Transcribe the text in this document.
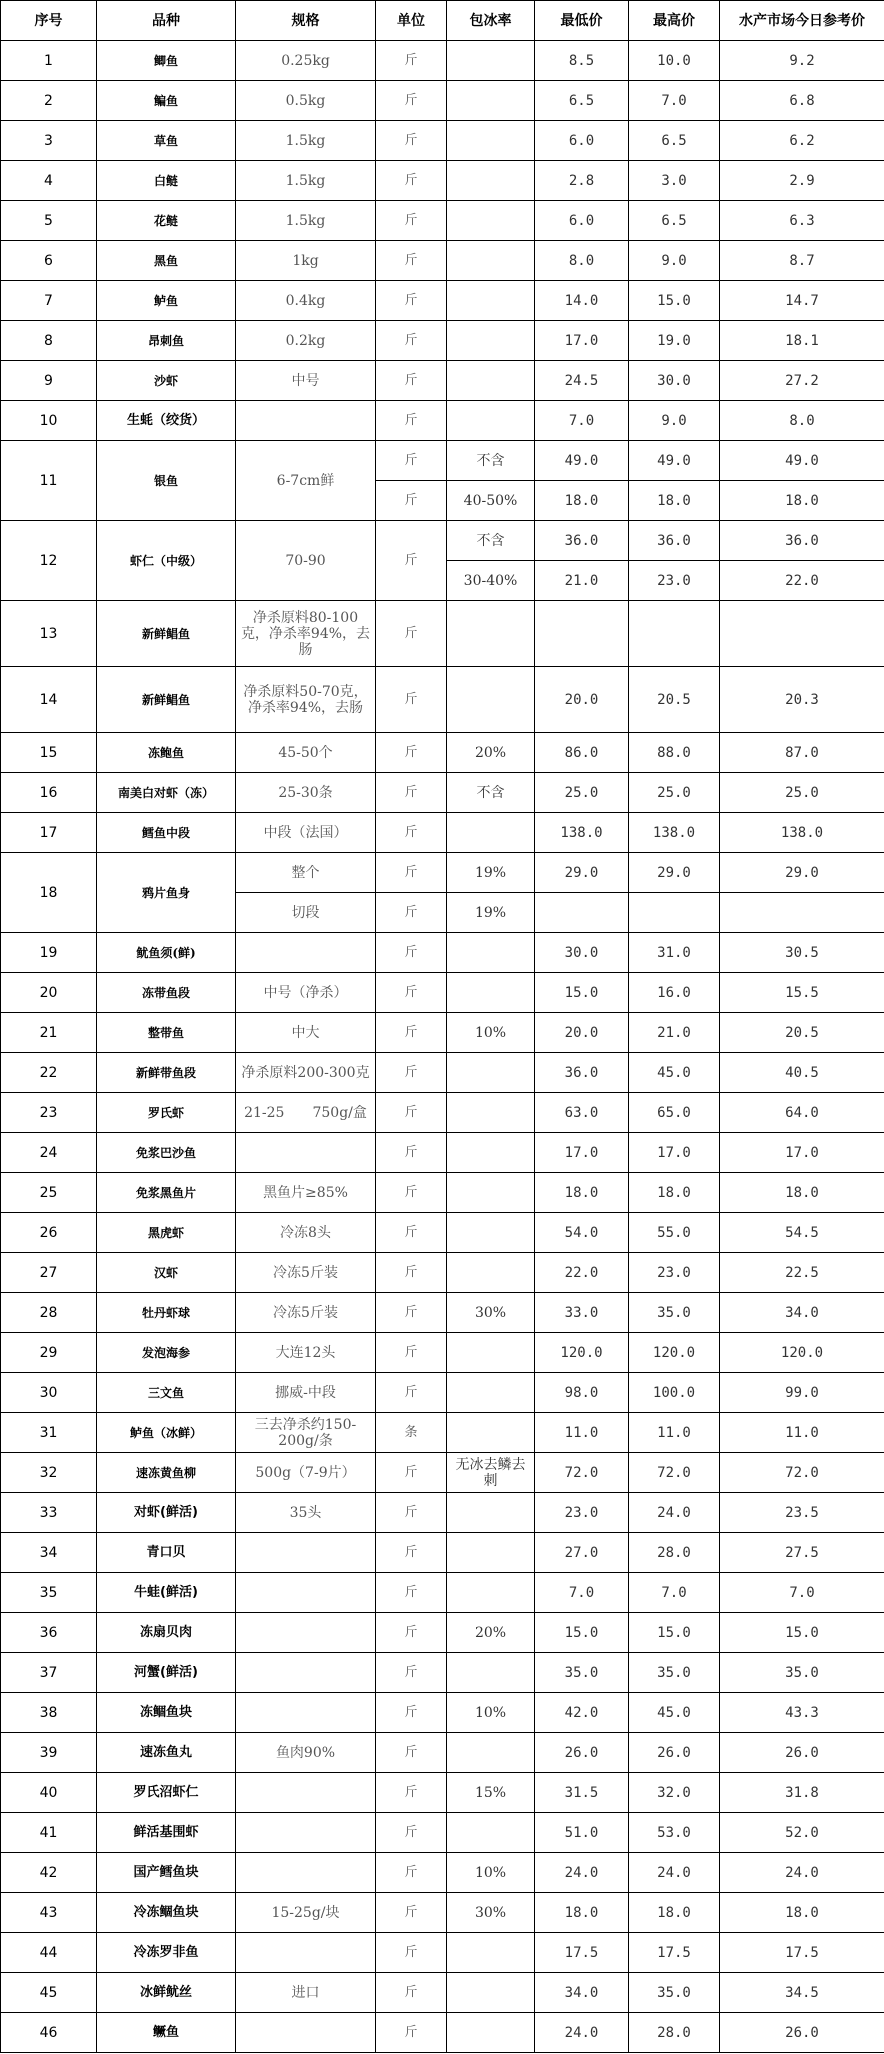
序号	品种	规格	单位	包冰率	最低价	最高价	水产市场今日参考价
1	鲫鱼	0.25kg	斤		8.5	10.0	9.2
2	鳊鱼	0.5kg	斤		6.5	7.0	6.8
3	草鱼	1.5kg	斤		6.0	6.5	6.2
4	白鲢	1.5kg	斤		2.8	3.0	2.9
5	花鲢	1.5kg	斤		6.0	6.5	6.3
6	黑鱼	1kg	斤		8.0	9.0	8.7
7	鲈鱼	0.4kg	斤		14.0	15.0	14.7
8	昂刺鱼	0.2kg	斤		17.0	19.0	18.1
9	沙虾	中号	斤		24.5	30.0	27.2
10	生蚝（绞货）		斤		7.0	9.0	8.0
11	银鱼	6-7cm鲜	斤	不含	49.0	49.0	49.0
			斤	40-50%	18.0	18.0	18.0
12	虾仁（中级）	70-90	斤	不含	36.0	36.0	36.0
				30-40%	21.0	23.0	22.0
13	新鲜鲳鱼	净杀原料80-100克，净杀率94%，去肠	斤				
14	新鲜鲳鱼	净杀原料50-70克，净杀率94%，去肠	斤		20.0	20.5	20.3
15	冻鲍鱼	45-50个	斤	20%	86.0	88.0	87.0
16	南美白对虾（冻）	25-30条	斤	不含	25.0	25.0	25.0
17	鳕鱼中段	中段（法国）	斤		138.0	138.0	138.0
18	鸦片鱼身	整个	斤	19%	29.0	29.0	29.0
		切段	斤	19%			
19	鱿鱼须(鲜)		斤		30.0	31.0	30.5
20	冻带鱼段	中号（净杀）	斤		15.0	16.0	15.5
21	整带鱼	中大	斤	10%	20.0	21.0	20.5
22	新鲜带鱼段	净杀原料200-300克	斤		36.0	45.0	40.5
23	罗氏虾	21-25　　750g/盒	斤		63.0	65.0	64.0
24	免浆巴沙鱼		斤		17.0	17.0	17.0
25	免浆黑鱼片	黑鱼片≥85%	斤		18.0	18.0	18.0
26	黑虎虾	冷冻8头	斤		54.0	55.0	54.5
27	汉虾	冷冻5斤装	斤		22.0	23.0	22.5
28	牡丹虾球	冷冻5斤装	斤	30%	33.0	35.0	34.0
29	发泡海参	大连12头	斤		120.0	120.0	120.0
30	三文鱼	挪威-中段	斤		98.0	100.0	99.0
31	鲈鱼（冰鲜）	三去净杀约150-200g/条	条		11.0	11.0	11.0
32	速冻黄鱼柳	500g（7-9片）	斤	无冰去鳞去刺	72.0	72.0	72.0
33	对虾(鲜活)	35头	斤		23.0	24.0	23.5
34	青口贝		斤		27.0	28.0	27.5
35	牛蛙(鲜活)		斤		7.0	7.0	7.0
36	冻扇贝肉		斤	20%	15.0	15.0	15.0
37	河蟹(鲜活)		斤		35.0	35.0	35.0
38	冻鲴鱼块		斤	10%	42.0	45.0	43.3
39	速冻鱼丸	鱼肉90%	斤		26.0	26.0	26.0
40	罗氏沼虾仁		斤	15%	31.5	32.0	31.8
41	鲜活基围虾		斤		51.0	53.0	52.0
42	国产鳕鱼块		斤	10%	24.0	24.0	24.0
43	冷冻鲴鱼块	15-25g/块	斤	30%	18.0	18.0	18.0
44	冷冻罗非鱼		斤		17.5	17.5	17.5
45	冰鲜鱿丝	进口	斤		34.0	35.0	34.5
46	鳜鱼		斤		24.0	28.0	26.0
